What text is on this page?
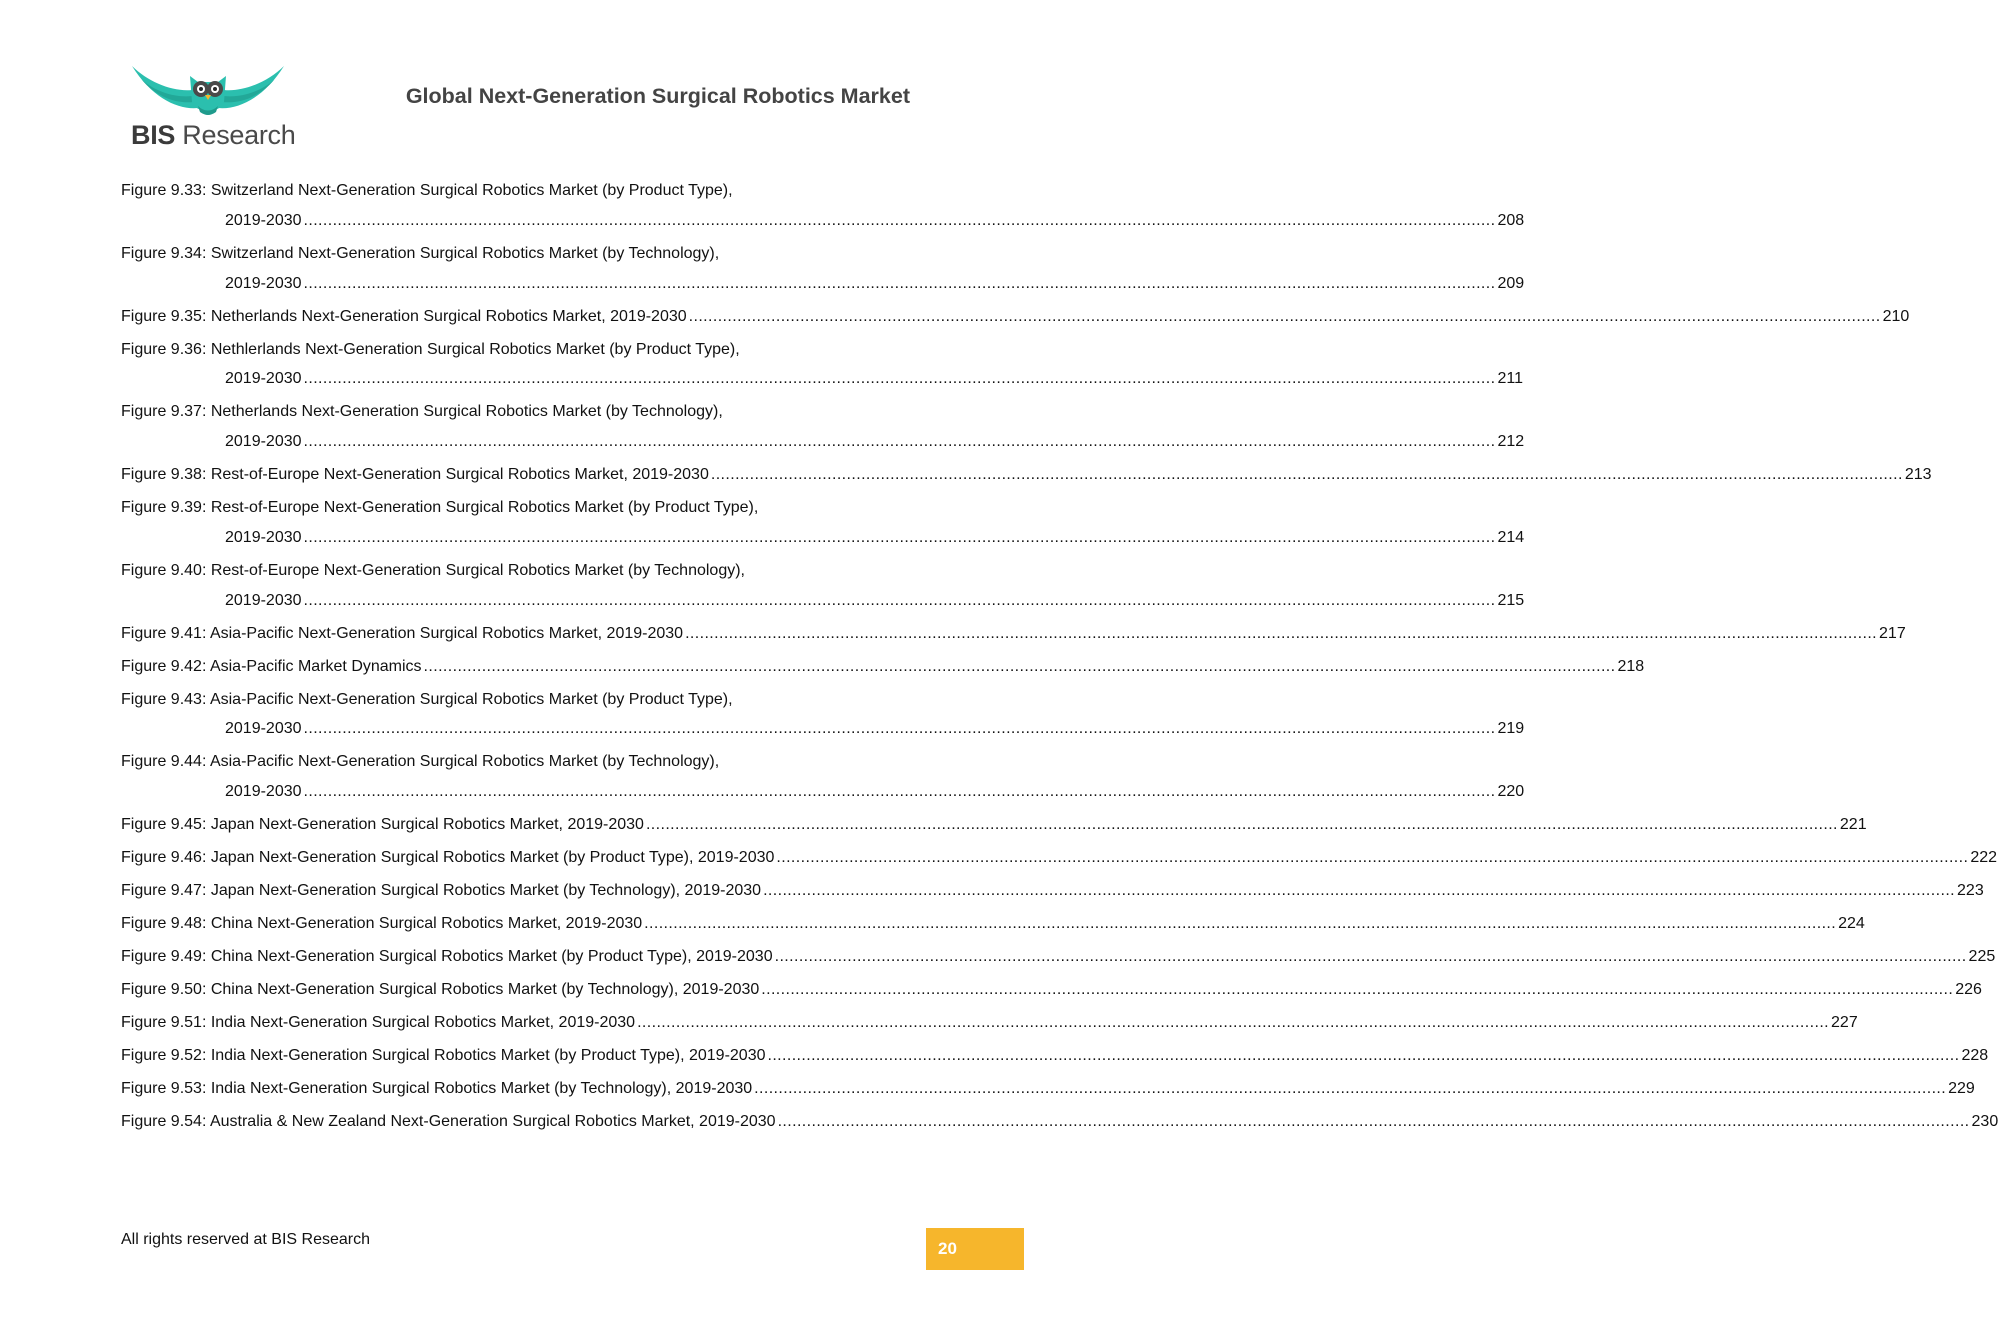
BIS Research
Global Next-Generation Surgical Robotics Market
Figure 9.33: Switzerland Next-Generation Surgical Robotics Market (by Product Type),
2019-2030 .....	208
Figure 9.34: Switzerland Next-Generation Surgical Robotics Market (by Technology),
2019-2030 .....	209
Figure 9.35: Netherlands Next-Generation Surgical Robotics Market, 2019-2030 .....	210
Figure 9.36: Nethlerlands Next-Generation Surgical Robotics Market (by Product Type),
2019-2030 .....	211
Figure 9.37: Netherlands Next-Generation Surgical Robotics Market (by Technology),
2019-2030 .....	212
Figure 9.38: Rest-of-Europe Next-Generation Surgical Robotics Market, 2019-2030 .....	213
Figure 9.39: Rest-of-Europe Next-Generation Surgical Robotics Market (by Product Type),
2019-2030 .....	214
Figure 9.40: Rest-of-Europe Next-Generation Surgical Robotics Market (by Technology),
2019-2030 .....	215
Figure 9.41: Asia-Pacific Next-Generation Surgical Robotics Market, 2019-2030 .....	217
Figure 9.42: Asia-Pacific Market Dynamics .....	218
Figure 9.43: Asia-Pacific Next-Generation Surgical Robotics Market (by Product Type),
2019-2030 .....	219
Figure 9.44: Asia-Pacific Next-Generation Surgical Robotics Market (by Technology),
2019-2030 .....	220
Figure 9.45: Japan Next-Generation Surgical Robotics Market, 2019-2030 .....	221
Figure 9.46: Japan Next-Generation Surgical Robotics Market (by Product Type), 2019-2030 .....	222
Figure 9.47: Japan Next-Generation Surgical Robotics Market (by Technology), 2019-2030 .....	223
Figure 9.48: China Next-Generation Surgical Robotics Market, 2019-2030 .....	224
Figure 9.49: China Next-Generation Surgical Robotics Market (by Product Type), 2019-2030 .....	225
Figure 9.50: China Next-Generation Surgical Robotics Market (by Technology), 2019-2030 .....	226
Figure 9.51: India Next-Generation Surgical Robotics Market, 2019-2030 .....	227
Figure 9.52: India Next-Generation Surgical Robotics Market (by Product Type), 2019-2030 .....	228
Figure 9.53: India Next-Generation Surgical Robotics Market (by Technology), 2019-2030 .....	229
Figure 9.54: Australia & New Zealand Next-Generation Surgical Robotics Market, 2019-2030 .....	230
All rights reserved at BIS Research	20
